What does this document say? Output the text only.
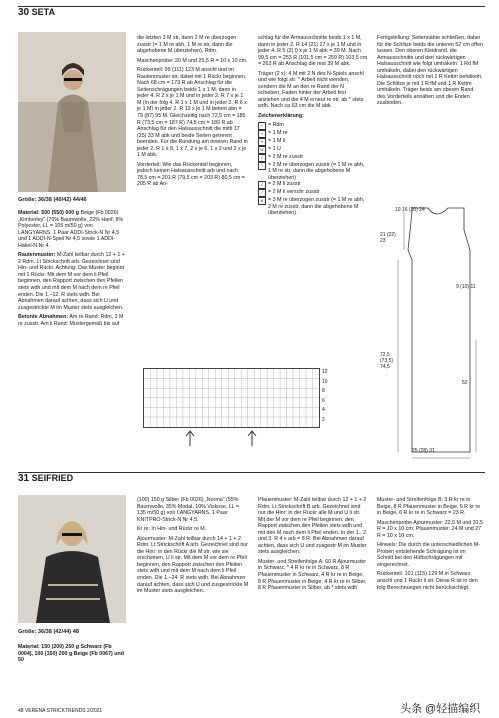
30 SETA
Größe: 36/38 (40/42) 44/46

Material: 500 (550) 600 g Beige (Fb 0026) „Kimberley" (70% Baumwolle, 22% Hanf, 8% Polyester, LL = 105 m/50 g) von LANGYARNS. 1 Paar ADDI-Strick-N Nr 4,5 und 1 ADDI-N-Spiel Nr 4,5 sowie 1 ADDI-Häkel-N Nr 4.

Rautenmuster: M-Zahl teilbar durch 12 + 1 + 2 Rdm. Lt Strickschrift arb. Gezeichnet sind Hin- und Rückr. Achtung: Das Muster beginnt mit 1 Rückr. Mit dem M vor dem li Pfeil beginnen, den Rapport zwischen den Pfeilen stets wdh und mit dem M nach dem re Pfeil enden. Die 1.–12. R stets wdh. Bei Abnahmen darauf achten, dass sich U und zusgestrickte M im Muster stets ausgleichen.

Betonte Abnahmen: Am re Rand: Rdm, 2 M re zusstr. Am li Rand: Mustergemäß bis auf

die letzten 3 M str, dann 2 M re überzogen zusstr (= 1 M re abh, 1 M re str, dann die abgehobene M überziehen), Rdm.

Maschenprobe: 20 M und 25,5 R = 10 x 10 cm.

Rückenteil: 99 (111) 123 M anschl und im Rautenmuster str, dabei mit 1 Rückr beginnen. Nach 68 cm = 173 R ab Anschlag für die Seitenschrägungen beids 1 x 1 M, dann in jeder 4. R 2 x je 1 M und in jeder 2. R 7 x je 1 M (in der folg 4. R 1 x 1 M und in jeder 2. R 6 x je 1 M) in jeder 2. R 13 x je 1 M betont abn = 79 (87) 95 M. Gleichzeitig nach 72,5 cm = 185 R (73,5 cm = 187 R) 74,5 cm = 189 R ab Anschlag für den Halsausschnitt die mittl 17 (25) 33 M abk und beide Seiten getrennt beenden. Für die Rundung am inneren Rand in jeder 2. R 1 x 8, 1 x 7, 2 x je 6, 1 x 2 und 2 x je 1 M abk.

Vorderteil: Wie das Rückenteil beginnen, jedoch keinen Halsausschnitt arb und nach 78,5 cm = 201 R (79,5 cm = 203 R) 80,5 cm = 205 R ab An-

schlag für die Armausschnitte beids 1 x 1 M, dann in jeder 2. R 14 (21) 27 x je 1 M und in jeder 4. R 5 (2) 0 x je 1 M abk = 39 M. Nach 99,5 cm = 253 R (101,5 cm = 259 R) 103,5 cm = 263 R ab Anschlag die rest 39 M abk.

Träger (2 x): 4 M mit 2 N des N-Spiels anschl und wie folgt str: * Arbeit nicht wenden, sondern die M an den re Rand der N schieben, Faden hinter der Arbeit fest anziehen und die 4 M erneut re str, ab * stets wdh. Nach ca 63 cm die M abk.

Zeichenerklärung:
▫ = Rdm
− = 1 M re
• = 1 M li
U = 1 U
/	= 2 M re zusstr
\	= 2 M re überzogen zusstr (= 1 M re abh, 1 M re str, dann die abgehobene M überziehen)
/	= 2 M li zusstr
⟋ = 2 M li verschr zusstr
∧ = 3 M re überzogen zusstr (= 1 M re abh, 2 M re zusstr, dann die abgehobene M überziehen)

Fertigstellung: Seitennähte schließen, dabei für die Schlitze beids die unteren 52 cm offen lassen. Den oberen Kleidrand, die Armausschnitte und den rückwärtigen Halsausschnitt wie folgt umhäkeln: 1 Rd fM umhäkeln, dabei den rückwärtigen Halsausschnitt noch mit 1 R Kettm behäkeln. Die Schlitze je mit 1 R fM und 1 R Kettm umhäkeln. Träger beids am oberen Rand des Vorderteils annähen und die Enden zusbinden.

10 16 (20) 24
21 (22) 23
9 (10) 11
72,5 (73,5) 74,5
52
25 (28) 31
12
10
8
6
4
2
31 SEIFRIED
Größe: 36/38 (42/44) 48

Material: 150 (200) 250 g Schwarz (Fb 0004), 100 (150) 200 g Beige (Fb 0067) und 50

(100) 150 g Silber (Fb 0026) „Norma" (55% Baumwolle, 35% Modal, 10% Viskose, LL = 135 m/50 g) von LANGYARNS. 1 Paar KNITPRO-Strick-N Nr 4,5.

Kr re: In Hin- und Rückr re M.

Ajourmuster: M-Zahl teilbar durch 14 + 1 + 2 Rdm. Lt Strickschrift A arb. Gezeichnet sind nur die Hinr; in den Rückr die M str, wie sie erscheinen, U li str. Mit dem M vor dem re Pfeil beginnen, den Rapport zwischen den Pfeilen stets wdh und mit dem M nach dem li Pfeil enden. Die 1.–24. R stets wdh. Bei Abnahmen darauf achten, dass sich U und zusgestrickte M im Muster stets ausgleichen.

Pfauenmuster: M-Zahl teilbar durch 12 + 1 + 2 Rdm. Lt Strickschrift B arb. Gezeichnet sind nur die Hinr; in der Rückr alle M und U li str. Mit der M vor dem re Pfeil beginnen, den Rapport zwischen den Pfeilen stets wdh und mit den M nach dem li Pfeil enden. In der 1., 2. und 3. R 4 x arb = 8 R. Bei Abnahmen darauf achten, dass sich U und zusgestr M im Muster stets ausgleichen.

Muster- und Streifenfolge A: 60 R Ajourmuster in Schwarz, * 4 R kr re in Schwarz, 8 R Pfauenmuster in Schwarz, 4 R kr re in Beige, 8 R Pfauenmuster in Beige, 4 R kr re in Silber, 8 R Pfauenmuster in Silber, ab * stets wdh.

Muster- und Streifenfolge B: 3 R kr re in Beige, 8 R Pfauenmuster in Beige, 6 R kr re in Beige, 6 R kr re in Schwarz = 23 R.

Maschenprobe Ajourmuster: 22,5 M und 31,5 R = 10 x 10 cm; Pfauenmuster: 24 M und 27 R = 10 x 10 cm.

Hinweis: Die durch die unterschiedlichen M-Proben entstehende Schrägung ist im Schnitt bei den Hüftschrägungen mit eingerechnet.

Rückenteil: 101 (115) 129 M in Schwarz anschl und 1 Rückr li str. Diese R ist in den folg Berechnungen nicht berücksichtigt.

48 VERENA STRICKTRENDS 2/2021	头条 @轻描编织
